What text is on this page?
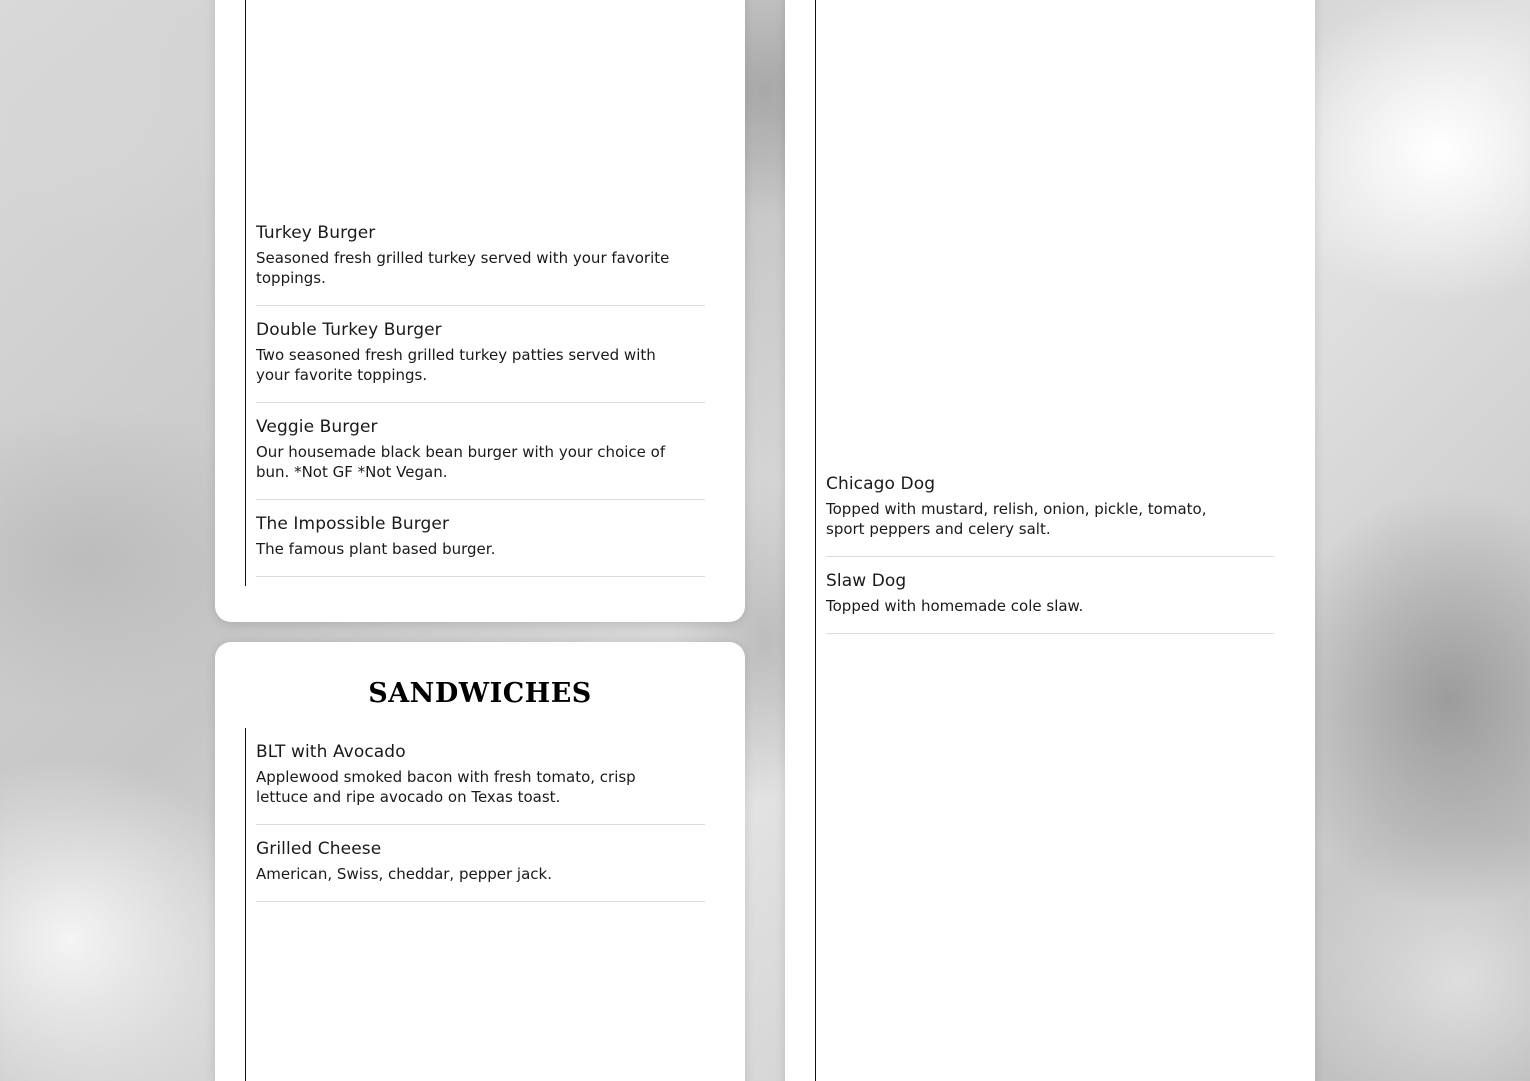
Turkey Burger
Seasoned fresh grilled turkey served with your favorite toppings.
Double Turkey Burger
Two seasoned fresh grilled turkey patties served with your favorite toppings.
Veggie Burger
Our housemade black bean burger with your choice of bun. *Not GF *Not Vegan.
The Impossible Burger
The famous plant based burger.
SANDWICHES
BLT with Avocado
Applewood smoked bacon with fresh tomato, crisp lettuce and ripe avocado on Texas toast.
Grilled Cheese
American, Swiss, cheddar, pepper jack.
Chicago Dog
Topped with mustard, relish, onion, pickle, tomato, sport peppers and celery salt.
Slaw Dog
Topped with homemade cole slaw.
